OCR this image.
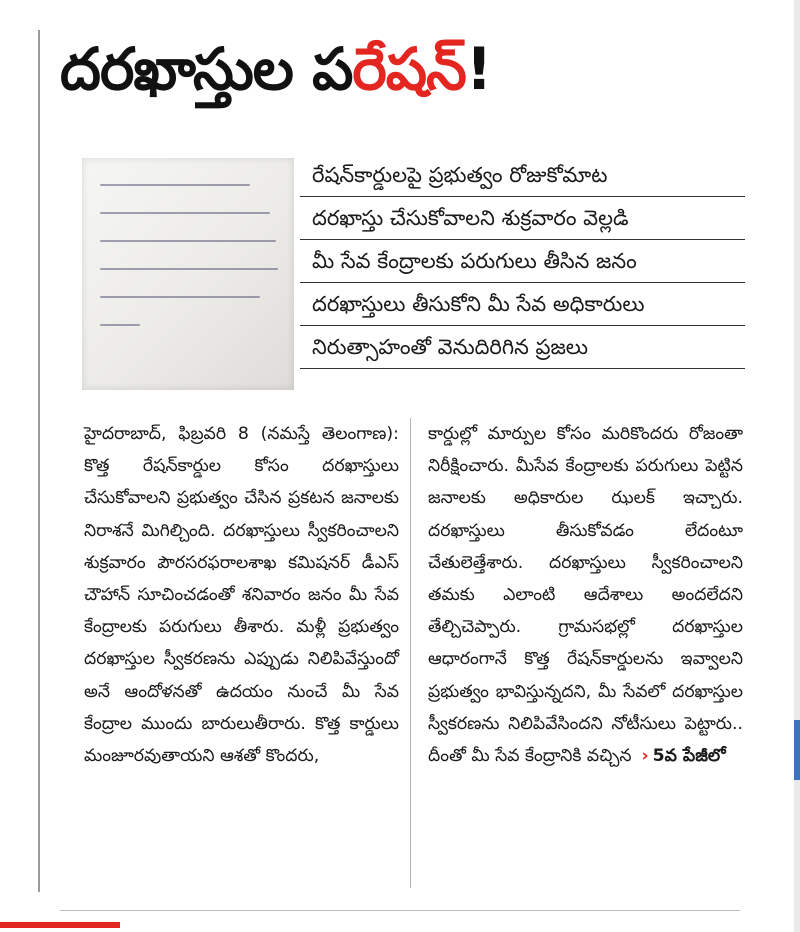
దరఖాస్తుల పరేషన్!
రేషన్‌కార్డులపై ప్రభుత్వం రోజుకోమాట
దరఖాస్తు చేసుకోవాలని శుక్రవారం వెల్లడి
మీ సేవ కేంద్రాలకు పరుగులు తీసిన జనం
దరఖాస్తులు తీసుకోని మీ సేవ అధికారులు
నిరుత్సాహంతో వెనుదిరిగిన ప్రజలు

హైదరాబాద్, ఫిబ్రవరి 8 (నమస్తే తెలంగాణ): కొత్త రేషన్‌కార్డుల కోసం దరఖాస్తులు చేసుకోవాలని ప్రభుత్వం చేసిన ప్రకటన జనాలకు నిరాశనే మిగిల్చింది. దరఖాస్తులు స్వీకరించాలని శుక్రవారం పౌరసరఫరాలశాఖ కమిషనర్ డీఎస్ చౌహాన్ సూచించడంతో శనివారం జనం మీ సేవ కేంద్రాలకు పరుగులు తీశారు. మళ్లీ ప్రభుత్వం దరఖాస్తుల స్వీకరణను ఎప్పుడు నిలిపివేస్తుందో అనే ఆందోళనతో ఉదయం నుంచే మీ సేవ కేంద్రాల ముందు బారులుతీరారు. కొత్త కార్డులు మంజూరవుతాయని ఆశతో కొందరు,

కార్డుల్లో మార్పుల కోసం మరికొందరు రోజంతా నిరీక్షించారు. మీసేవ కేంద్రాలకు పరుగులు పెట్టిన జనాలకు అధికారుల ఝలక్ ఇచ్చారు. దరఖాస్తులు తీసుకోవడం లేదంటూ చేతులెత్తేశారు. దరఖాస్తులు స్వీకరించాలని తమకు ఎలాంటి ఆదేశాలు అందలేదని తేల్చిచెప్పారు. గ్రామసభల్లో దరఖాస్తుల ఆధారంగానే కొత్త రేషన్‌కార్డులను ఇవ్వాలని ప్రభుత్వం భావిస్తున్నదని, మీ సేవలో దరఖాస్తుల స్వీకరణను నిలిపివేసిందని నోటీసులు పెట్టారు.. దీంతో మీ సేవ కేంద్రానికి వచ్చిన › 5వ పేజీలో
